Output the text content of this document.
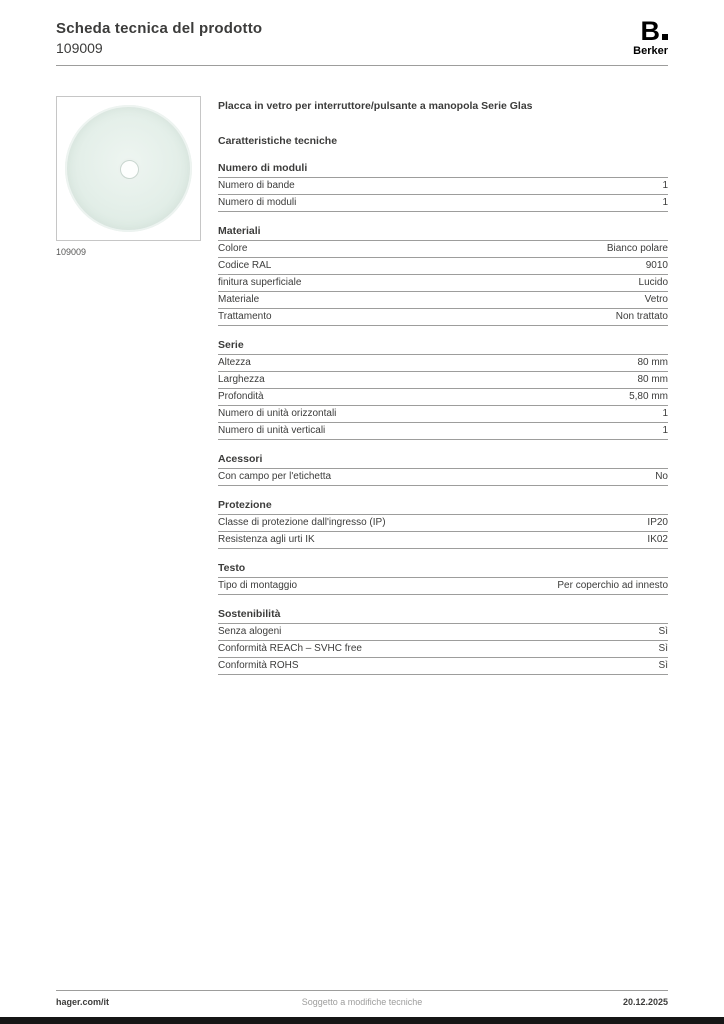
Scheda tecnica del prodotto
109009
B
Berker
109009

Placca in vetro per interruttore/pulsante a manopola Serie Glas

Caratteristiche tecniche

Numero di moduli
Numero di bande	1
Numero di moduli	1
Materiali
Colore	Bianco polare
Codice RAL	9010
finitura superficiale	Lucido
Materiale	Vetro
Trattamento	Non trattato
Serie
Altezza	80 mm
Larghezza	80 mm
Profondità	5,80 mm
Numero di unità orizzontali	1
Numero di unità verticali	1
Acessori
Con campo per l'etichetta	No
Protezione
Classe di protezione dall'ingresso (IP)	IP20
Resistenza agli urti IK	IK02
Testo
Tipo di montaggio	Per coperchio ad innesto
Sostenibilità
Senza alogeni	Sì
Conformità REACh – SVHC free	Sì
Conformità ROHS	Sì
hager.com/it	Soggetto a modifiche tecniche	20.12.2025
